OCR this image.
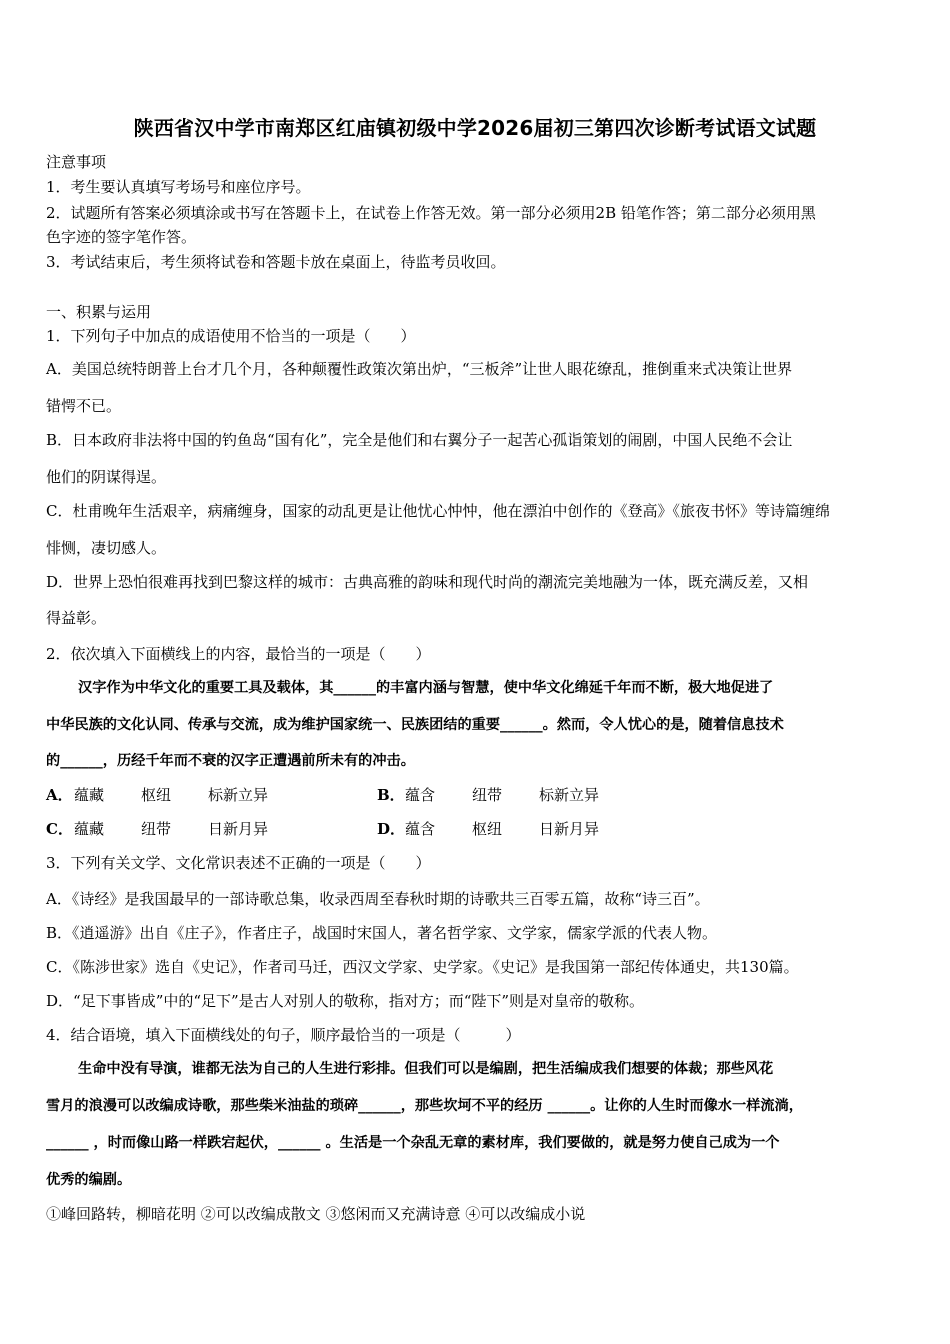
陕西省汉中学市南郑区红庙镇初级中学2026届初三第四次诊断考试语文试题
注意事项
1．考生要认真填写考场号和座位序号。
2．试题所有答案必须填涂或书写在答题卡上，在试卷上作答无效。第一部分必须用2B 铅笔作答；第二部分必须用黑
色字迹的签字笔作答。
3．考试结束后，考生须将试卷和答题卡放在桌面上，待监考员收回。
一、积累与运用
1．下列句子中加点的成语使用不恰当的一项是（　　）
A．美国总统特朗普上台才几个月，各种颠覆性政策次第出炉，“三板斧”让世人眼花缭乱，推倒重来式决策让世界
错愕不已。
B．日本政府非法将中国的钓鱼岛“国有化”，完全是他们和右翼分子一起苦心孤诣策划的闹剧，中国人民绝不会让
他们的阴谋得逞。
C．杜甫晚年生活艰辛，病痛缠身，国家的动乱更是让他忧心忡忡，他在漂泊中创作的《登高》《旅夜书怀》等诗篇缠绵
悱恻，凄切感人。
D．世界上恐怕很难再找到巴黎这样的城市：古典高雅的韵味和现代时尚的潮流完美地融为一体，既充满反差，又相
得益彰。
2．依次填入下面横线上的内容，最恰当的一项是（　　）
汉字作为中华文化的重要工具及载体，其______的丰富内涵与智慧，使中华文化绵延千年而不断，极大地促进了
中华民族的文化认同、传承与交流，成为维护国家统一、民族团结的重要______。然而，令人忧心的是，随着信息技术
的______，历经千年而不衰的汉字正遭遇前所未有的冲击。
A． 蕴藏 枢纽 标新立异	B． 蕴含 纽带 标新立异
C． 蕴藏 纽带 日新月异	D． 蕴含 枢纽 日新月异
3．下列有关文学、文化常识表述不正确的一项是（　　）
A．《诗经》是我国最早的一部诗歌总集，收录西周至春秋时期的诗歌共三百零五篇，故称“诗三百”。
B．《逍遥游》出自《庄子》，作者庄子，战国时宋国人，著名哲学家、文学家，儒家学派的代表人物。
C．《陈涉世家》选自《史记》，作者司马迁，西汉文学家、史学家。《史记》是我国第一部纪传体通史，共130篇。
D．“足下事皆成”中的“足下”是古人对别人的敬称，指对方；而“陛下”则是对皇帝的敬称。
4．结合语境，填入下面横线处的句子，顺序最恰当的一项是（　　　）
生命中没有导演，谁都无法为自己的人生进行彩排。但我们可以是编剧，把生活编成我们想要的体裁；那些风花
雪月的浪漫可以改编成诗歌，那些柴米油盐的琐碎______，那些坎坷不平的经历 ______。让你的人生时而像水一样流淌，
______ ，时而像山路一样跌宕起伏，______ 。生活是一个杂乱无章的素材库，我们要做的，就是努力使自己成为一个
优秀的编剧。
①峰回路转，柳暗花明 ②可以改编成散文 ③悠闲而又充满诗意 ④可以改编成小说
